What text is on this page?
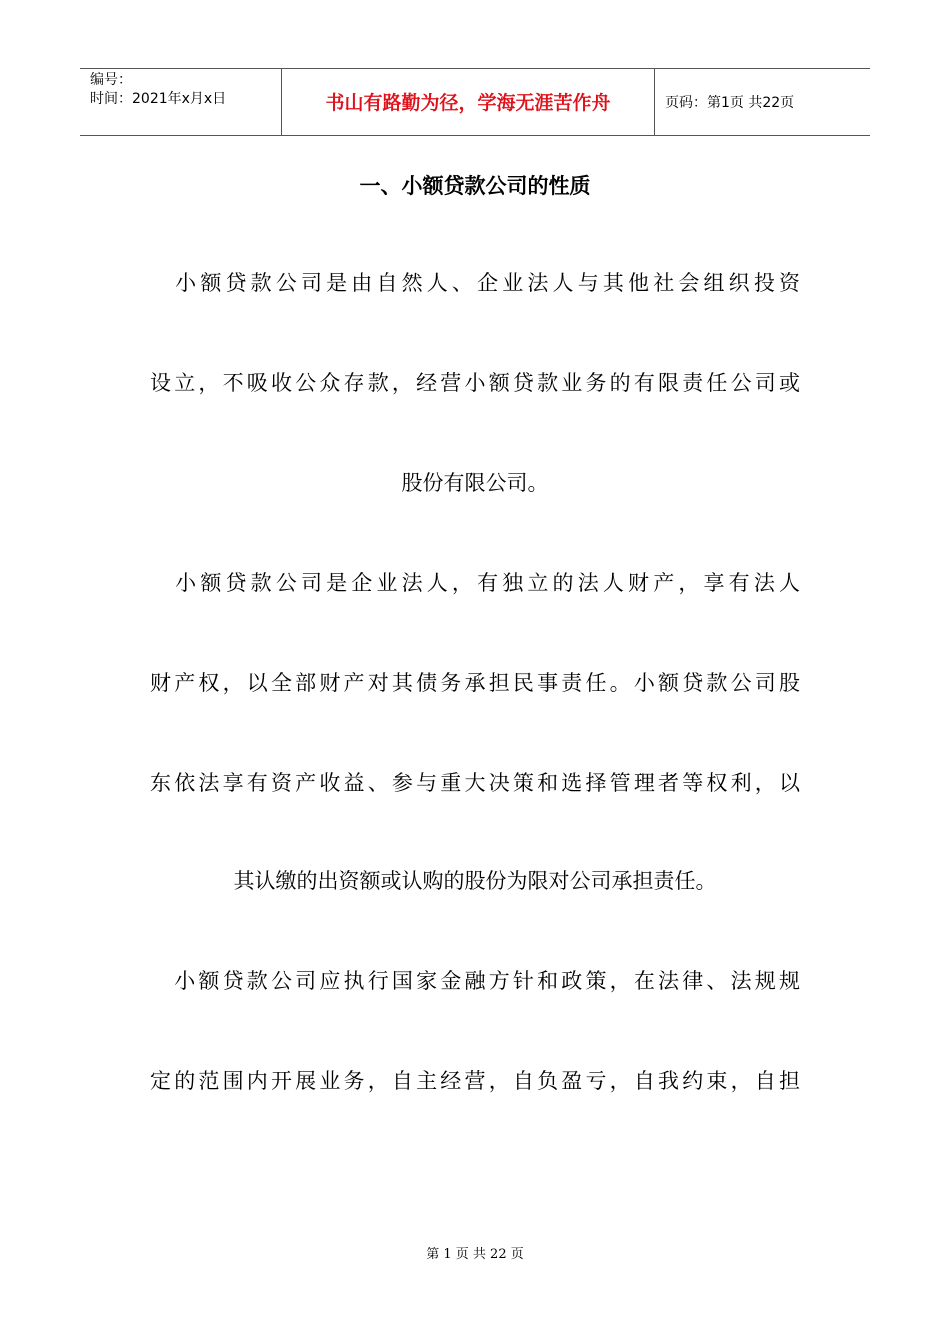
编号：
时间：2021年x月x日	书山有路勤为径，学海无涯苦作舟	页码：第1页 共22页
一、小额贷款公司的性质
　小额贷款公司是由自然人、企业法人与其他社会组织投资
设立，不吸收公众存款，经营小额贷款业务的有限责任公司或
股份有限公司。
　小额贷款公司是企业法人，有独立的法人财产，享有法人
财产权，以全部财产对其债务承担民事责任。小额贷款公司股
东依法享有资产收益、参与重大决策和选择管理者等权利，以
其认缴的出资额或认购的股份为限对公司承担责任。
　小额贷款公司应执行国家金融方针和政策，在法律、法规规
定的范围内开展业务，自主经营，自负盈亏，自我约束，自担
第 1 页 共 22 页
